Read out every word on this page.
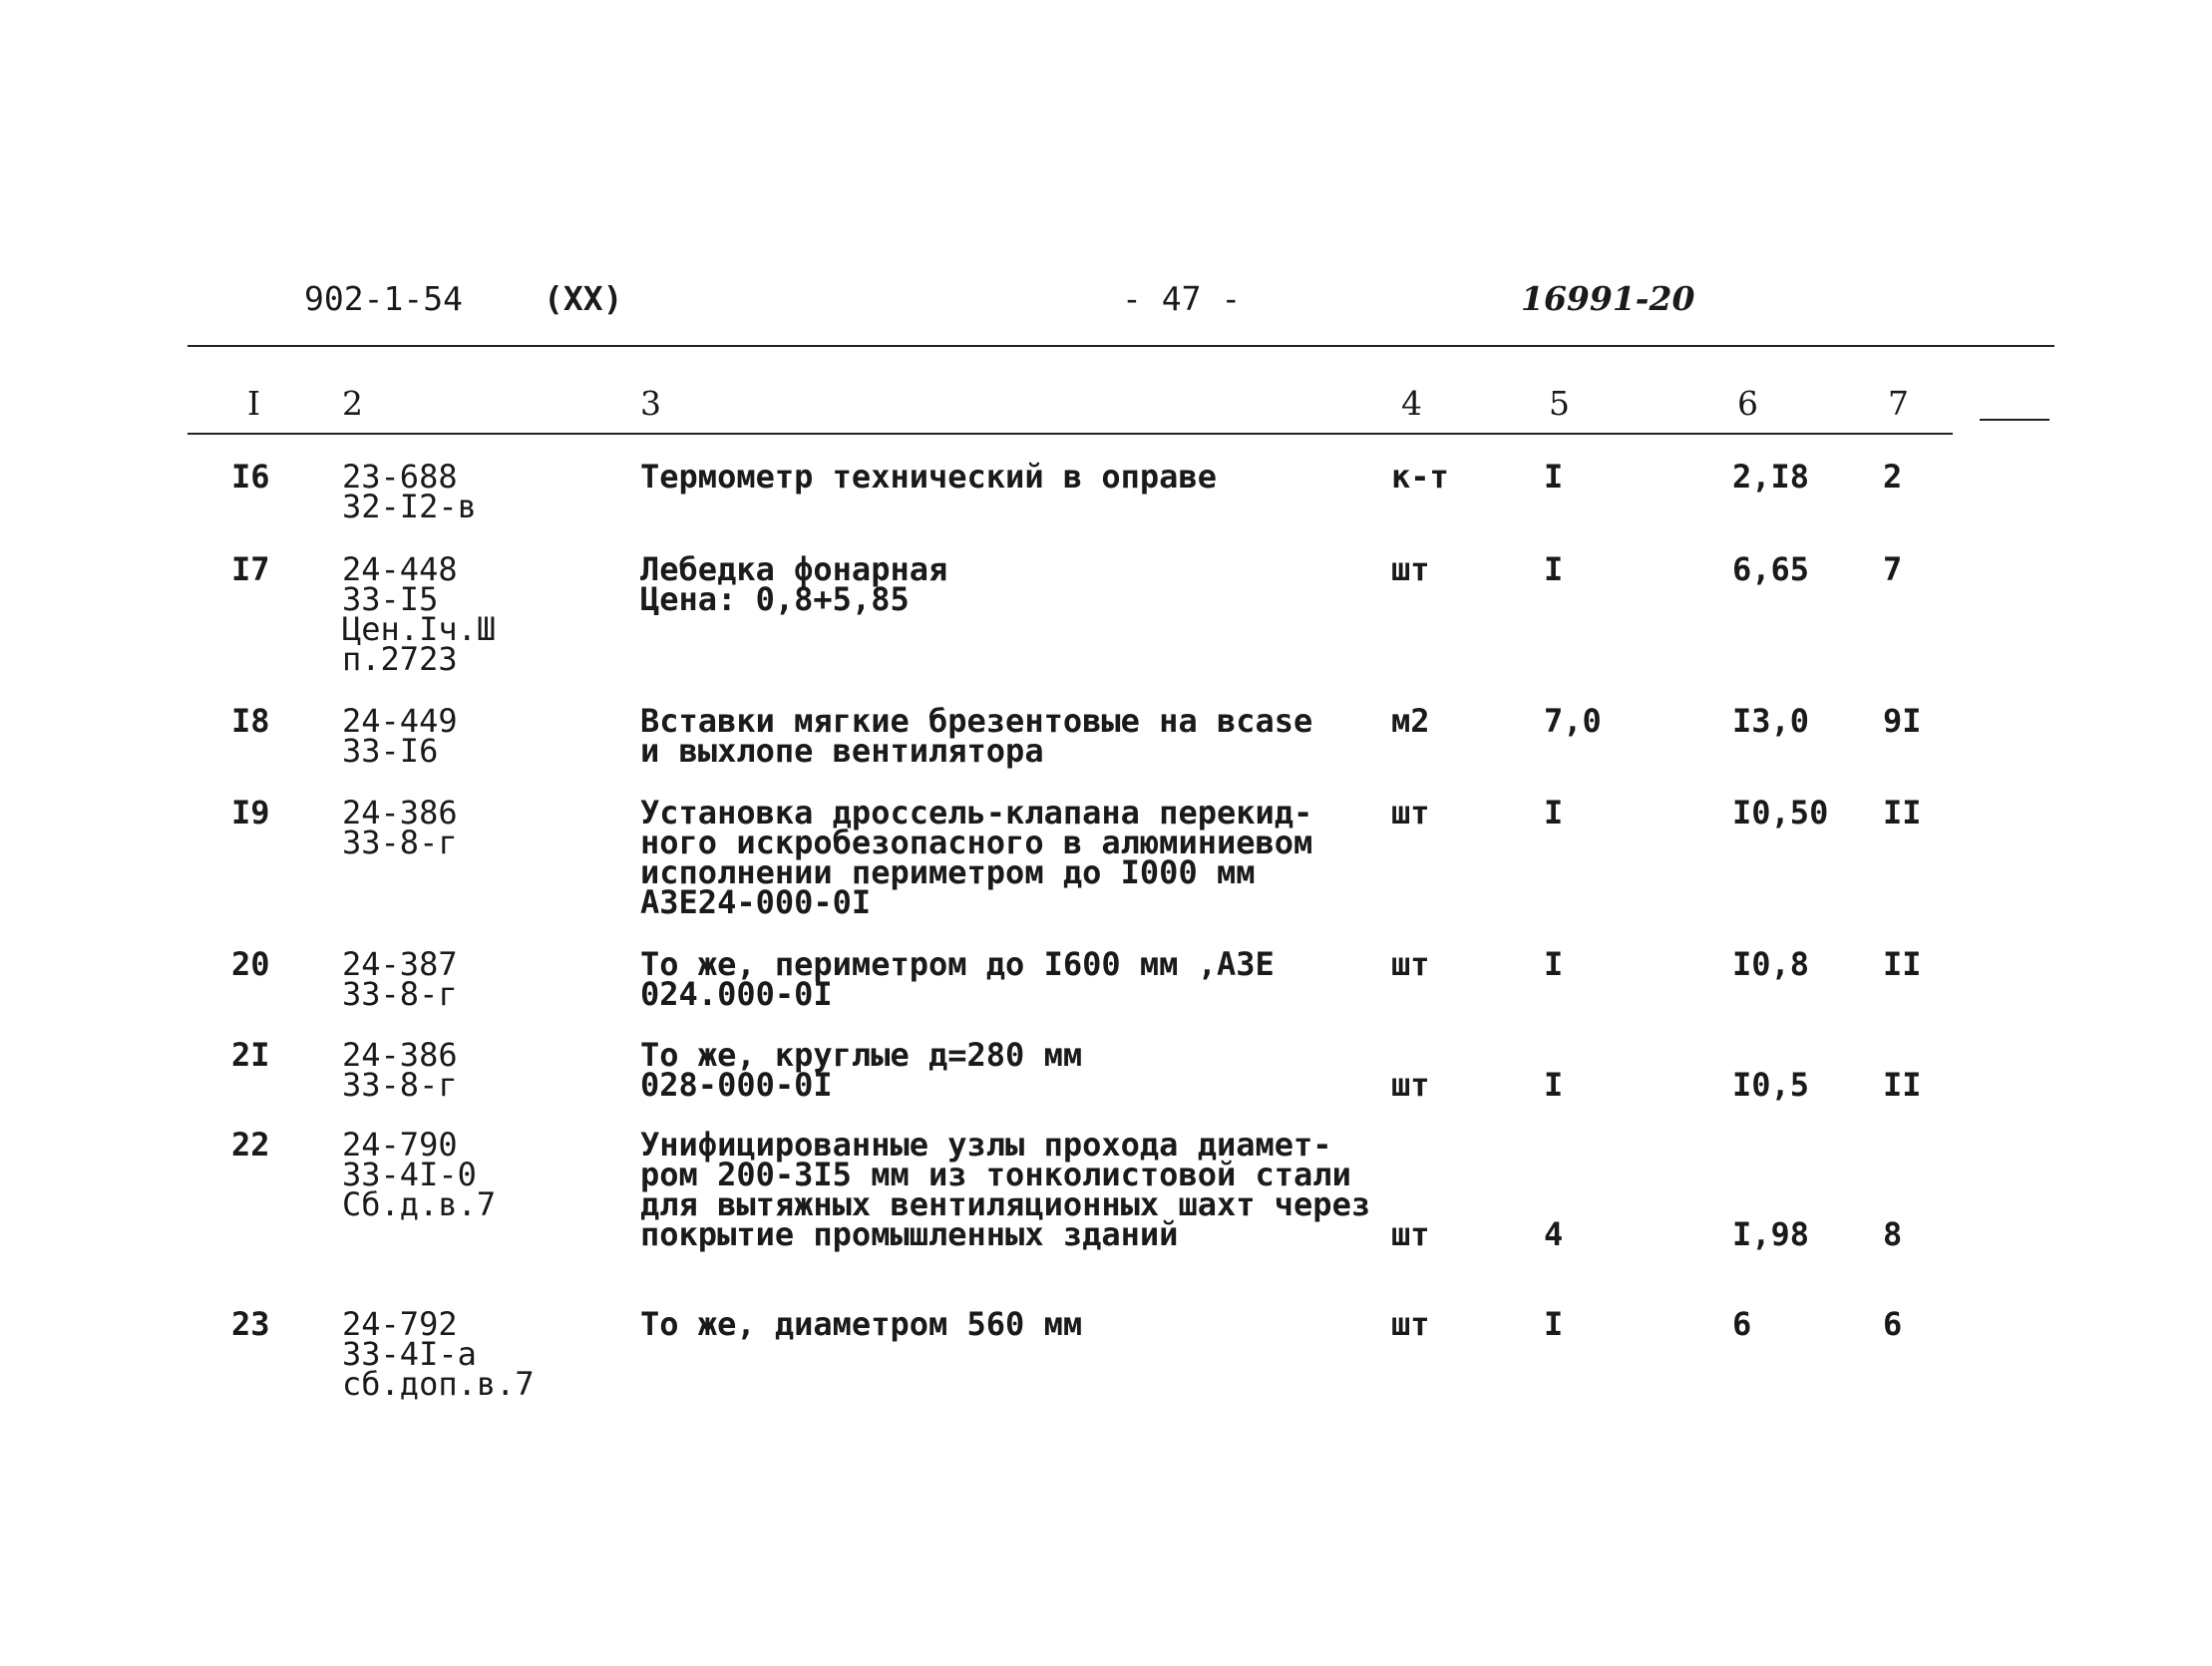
902-1-54 (XX)	- 47 -	16991-20
I 2	3	4	5	6	7
I6 23-688
32-I2-в
Термометр технический в оправе	к-т	I	2,I8 2
I7 24-448
33-I5
Цен.Iч.Ш
п.2723
Лебедка фонарная
Цена: 0,8+5,85
шт	I	6,65 7
I8 24-449
33-I6
Вставки мягкие брезентовые на вcase
и выхлопе вентилятора
м2	7,0	I3,0 9I
I9 24-386
33-8-г
Установка дроссель-клапана перекид-
ного искробезопасного в алюминиевом
исполнении периметром до I000 мм
АЗЕ24-000-0I
шт	I	I0,50 II
20 24-387
33-8-г
То же, периметром до I600 мм ,АЗЕ
024.000-0I
шт	I	I0,8 II
2I 24-386
33-8-г
То же, круглые д=280 мм
028-000-0I	шт	I	I0,5 II
22 24-790
33-4I-0
Сб.д.в.7
Унифицированные узлы прохода диамет-
ром 200-3I5 мм из тонколистовой стали
для вытяжных вентиляционных шахт через
покрытие промышленных зданий	шт	4	I,98 8
23 24-792
33-4I-а
сб.доп.в.7
То же, диаметром 560 мм	шт	I	6	6
